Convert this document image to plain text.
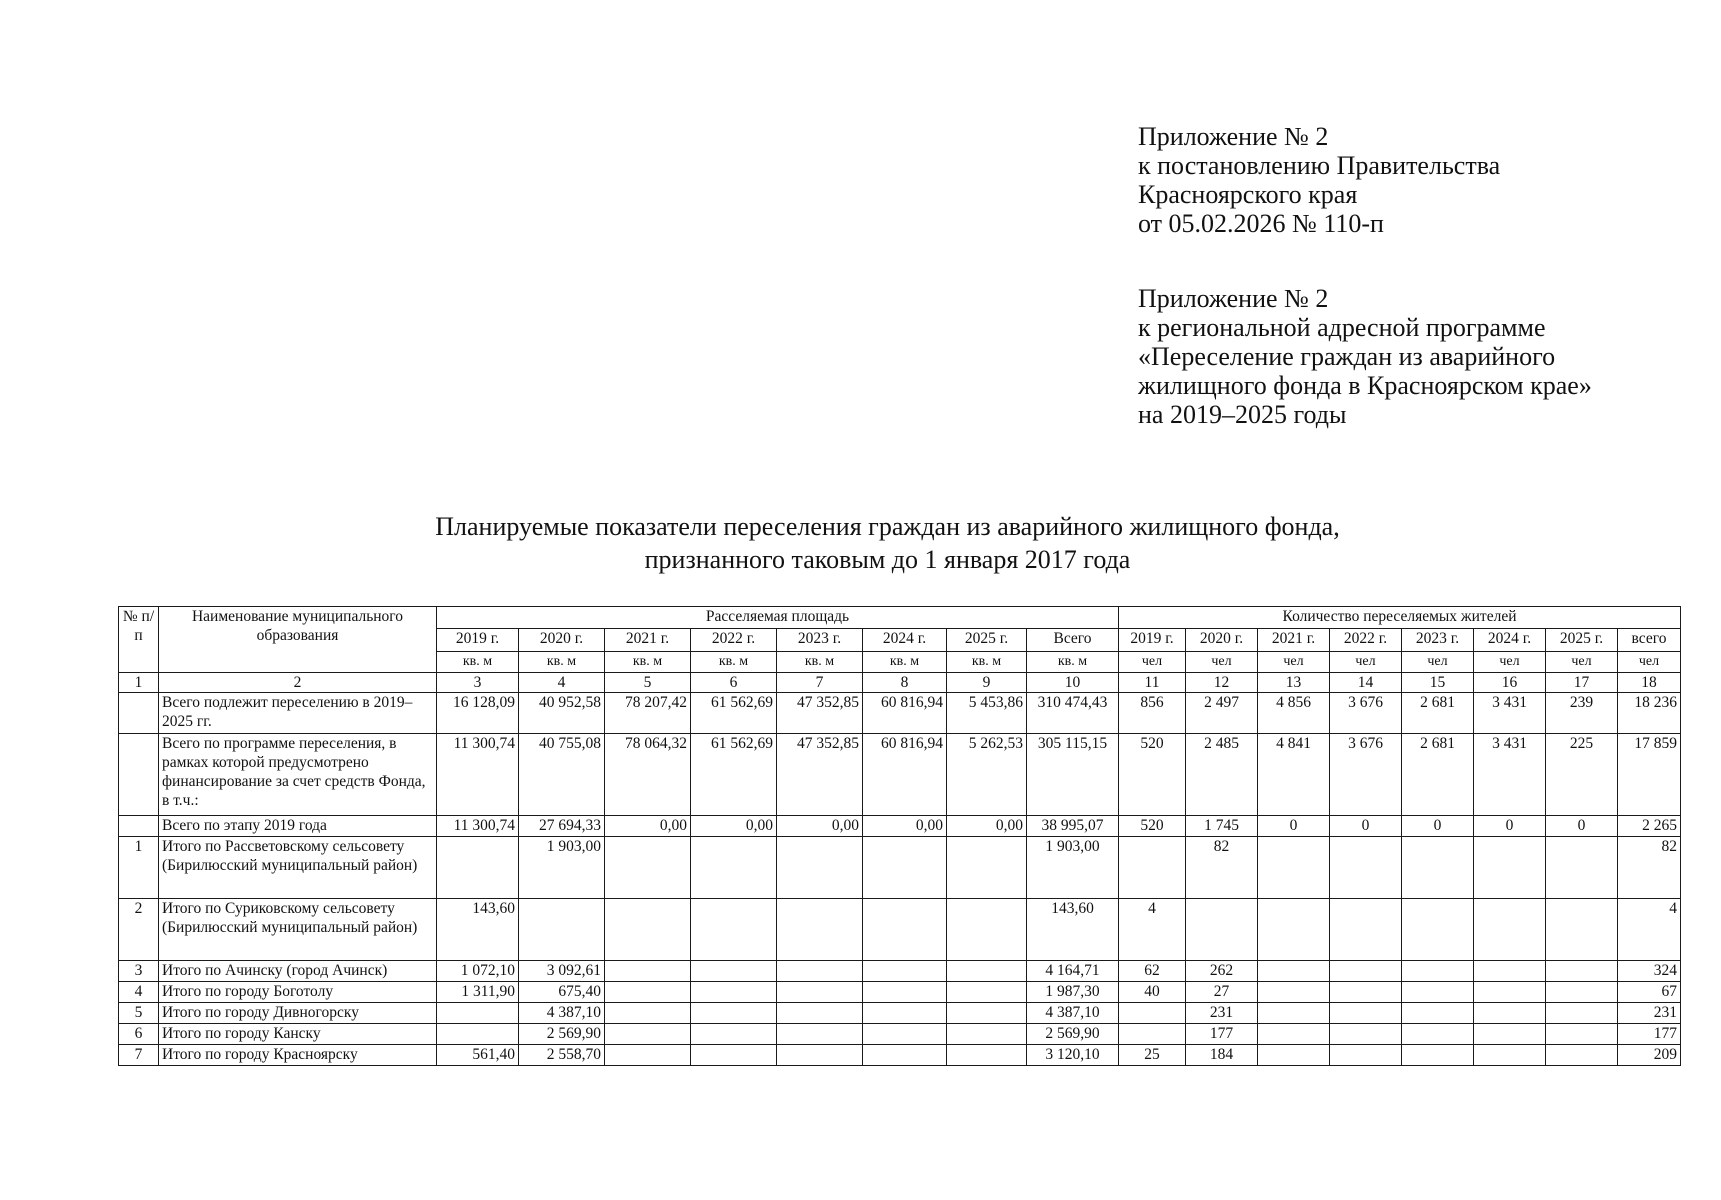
Приложение № 2
к постановлению Правительства
Красноярского края
от 05.02.2026 № 110-п
Приложение № 2
к региональной адресной программе
«Переселение граждан из аварийного
жилищного фонда в Красноярском крае»
на 2019–2025 годы
Планируемые показатели переселения граждан из аварийного жилищного фонда,
признанного таковым до 1 января 2017 года
№ п/п	Наименование муниципального образования	Расселяемая площадь								Количество переселяемых жителей							
		2019 г.	2020 г.	2021 г.	2022 г.	2023 г.	2024 г.	2025 г.	Всего	2019 г.	2020 г.	2021 г.	2022 г.	2023 г.	2024 г.	2025 г.	всего
		кв. м	кв. м	кв. м	кв. м	кв. м	кв. м	кв. м	кв. м	чел	чел	чел	чел	чел	чел	чел	чел
1	2	3	4	5	6	7	8	9	10	11	12	13	14	15	16	17	18
	Всего подлежит переселению в 2019–2025 гг.	16 128,09	40 952,58	78 207,42	61 562,69	47 352,85	60 816,94	5 453,86	310 474,43	856	2 497	4 856	3 676	2 681	3 431	239	18 236
	Всего по программе переселения, в рамках которой предусмотрено финансирование за счет средств Фонда, в т.ч.:	11 300,74	40 755,08	78 064,32	61 562,69	47 352,85	60 816,94	5 262,53	305 115,15	520	2 485	4 841	3 676	2 681	3 431	225	17 859
	Всего по этапу 2019 года	11 300,74	27 694,33	0,00	0,00	0,00	0,00	0,00	38 995,07	520	1 745	0	0	0	0	0	2 265
1	Итого по Рассветовскому сельсовету (Бирилюсский муниципальный район)		1 903,00						1 903,00		82						82
2	Итого по Суриковскому сельсовету (Бирилюсский муниципальный район)	143,60							143,60	4							4
3	Итого по Ачинску (город Ачинск)	1 072,10	3 092,61						4 164,71	62	262						324
4	Итого по городу Боготолу	1 311,90	675,40						1 987,30	40	27						67
5	Итого по городу Дивногорску		4 387,10						4 387,10		231						231
6	Итого по городу Канску		2 569,90						2 569,90		177						177
7	Итого по городу Красноярску	561,40	2 558,70						3 120,10	25	184						209
